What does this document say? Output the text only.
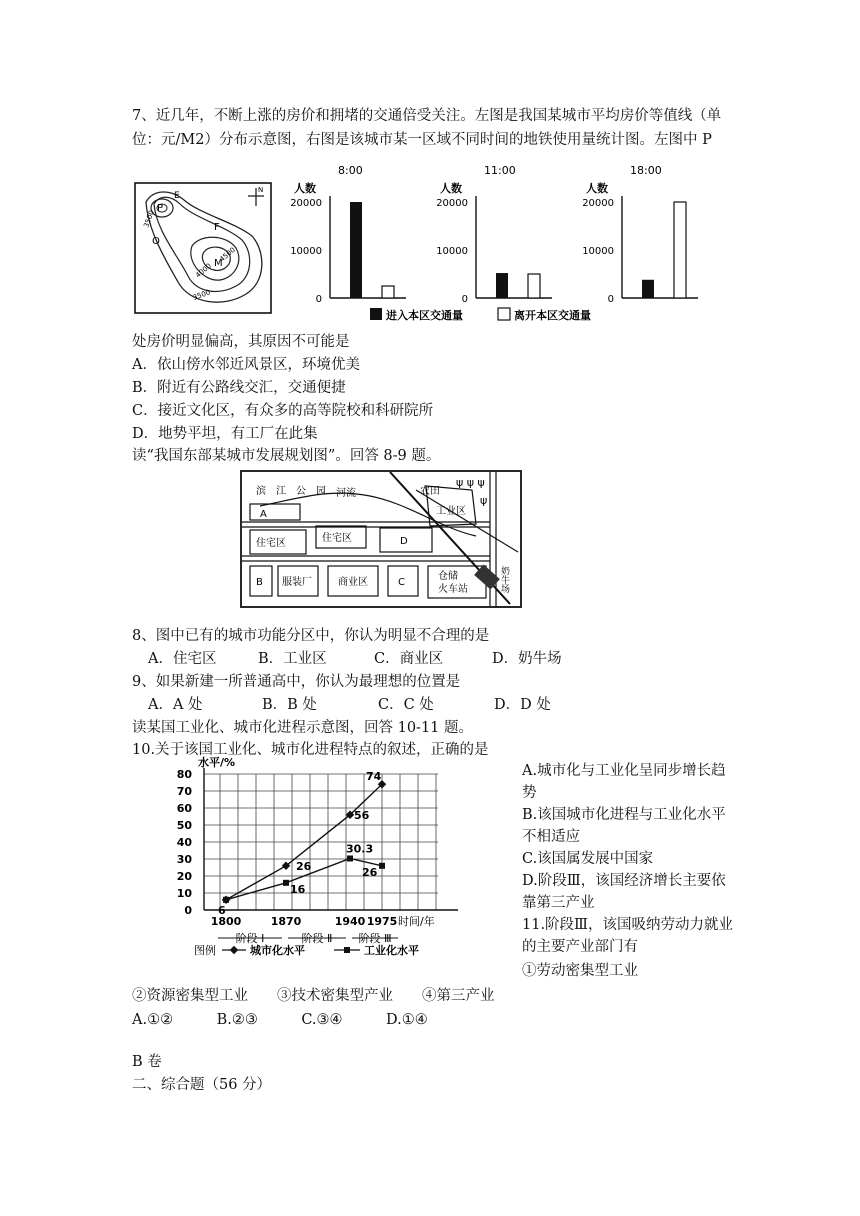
7、近几年，不断上涨的房价和拥堵的交通倍受关注。左图是我国某城市平均房价等值线（单
位：元/M2）分布示意图，右图是该城市某一区域不同时间的地铁使用量统计图。左图中 P
P
E
F
M
O
N
3500
4000
4500
3500
8:00
人数
20000
10000
0
11:00
人数
20000
10000
0
18:00
人数
20000
10000
0
进入本区交通量	离开本区交通量
处房价明显偏高，其原因不可能是
A．依山傍水邻近风景区，环境优美
B．附近有公路线交汇，交通便捷
C．接近文化区，有众多的高等院校和科研院所
D．地势平坦，有工厂在此集
读“我国东部某城市发展规划图”。回答 8-9 题。
ψ ψ ψ
ψ
滨　江　公　园 河流	农田
工业区
住宅区	住宅区
A
D
B 服装厂	商业区	C
仓储
火车站	奶牛场
8、图中已有的城市功能分区中，你认为明显不合理的是
A．住宅区	B．工业区	C．商业区	D．奶牛场
9、如果新建一所普通高中，你认为最理想的位置是
A．A 处	B．B 处	C．C 处	D．D 处
读某国工业化、城市化进程示意图，回答 10-11 题。
10.关于该国工业化、城市化进程特点的叙述，正确的是
0
10
20
30
40
50
60
70
80
水平/%
1800	1870	1940 1975 时间/年
阶段 Ⅰ	阶段 Ⅱ 阶段 Ⅲ
6
26
56
74
16
30.3
26
图例	城市化水平	工业化水平
A.城市化与工业化呈同步增长趋势
B.该国城市化进程与工业化水平不相适应
C.该国属发展中国家
D.阶段Ⅲ，该国经济增长主要依靠第三产业
11.阶段Ⅲ，该国吸纳劳动力就业的主要产业部门有
①劳动密集型工业
②资源密集型工业　　③技术密集型产业　　④第三产业
A.①②　　　B.②③　　　C.③④　　　D.①④
B 卷
二、综合题（56 分）
